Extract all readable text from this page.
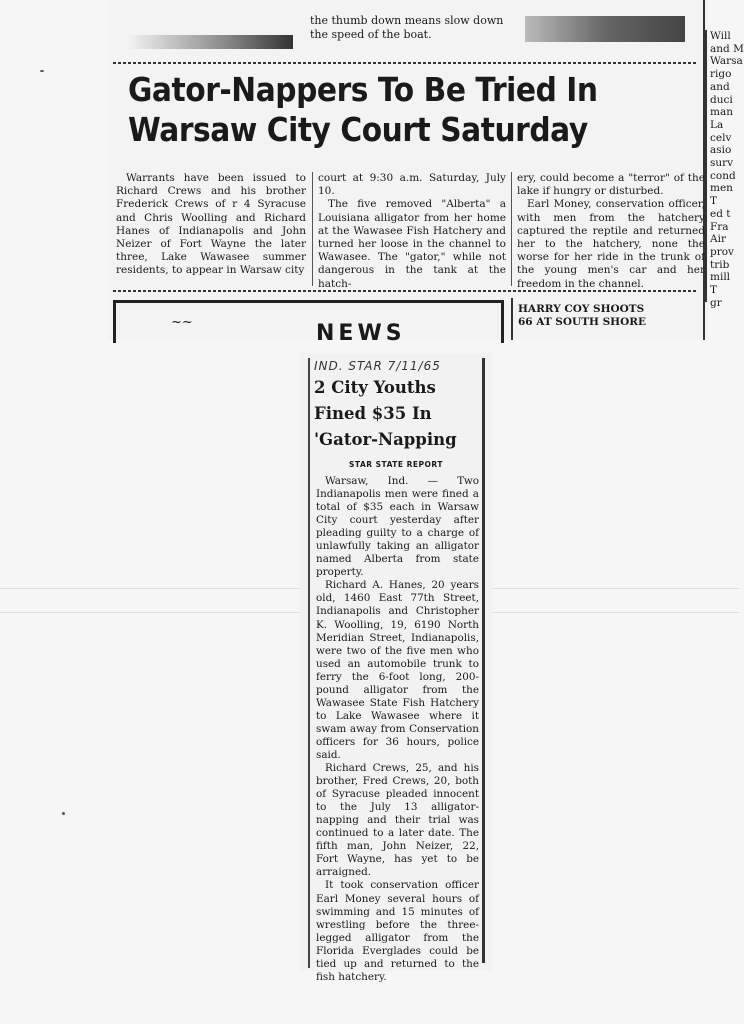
the thumb down means slow down
the speed of the boat.

Gator-Nappers To Be Tried In Warsaw City Court Saturday

Warrants have been issued to Richard Crews and his brother Frederick Crews of r 4 Syracuse and Chris Woolling and Richard Hanes of Indianapolis and John Neizer of Fort Wayne the later three, Lake Wawasee summer residents, to appear in Warsaw city

court at 9:30 a.m. Saturday, July 10.

The five removed "Alberta" a Louisiana alligator from her home at the Wawasee Fish Hatchery and turned her loose in the channel to Wawasee. The "gator," while not dangerous in the tank at the hatch-

ery, could become a "terror" of the lake if hungry or disturbed.

Earl Money, conservation officer, with men from the hatchery captured the reptile and returned her to the hatchery, none the worse for her ride in the trunk of the young men's car and her freedom in the channel.

~~	NEWS

HARRY COY SHOOTS
66 AT SOUTH SHORE

Will

and M

Warsa

rigo

and

duci

man

La

celv

asio

surv

cond

men

T

ed t

Fra

Air

prov

trib

mill

T

gr

IND. STAR 7/11/65

2 City Youths Fined $35 In 'Gator-Napping

STAR STATE REPORT

Warsaw, Ind. — Two Indianapolis men were fined a total of $35 each in Warsaw City court yesterday after pleading guilty to a charge of unlawfully taking an alligator named Alberta from state property.

Richard A. Hanes, 20 years old, 1460 East 77th Street, Indianapolis and Christopher K. Woolling, 19, 6190 North Meridian Street, Indianapolis, were two of the five men who used an automobile trunk to ferry the 6-foot long, 200-pound alligator from the Wawasee State Fish Hatchery to Lake Wawasee where it swam away from Conservation officers for 36 hours, police said.

Richard Crews, 25, and his brother, Fred Crews, 20, both of Syracuse pleaded innocent to the July 13 alligator-napping and their trial was continued to a later date. The fifth man, John Neizer, 22, Fort Wayne, has yet to be arraigned.

It took conservation officer Earl Money several hours of swimming and 15 minutes of wrestling before the three-legged alligator from the Florida Everglades could be tied up and returned to the fish hatchery.
